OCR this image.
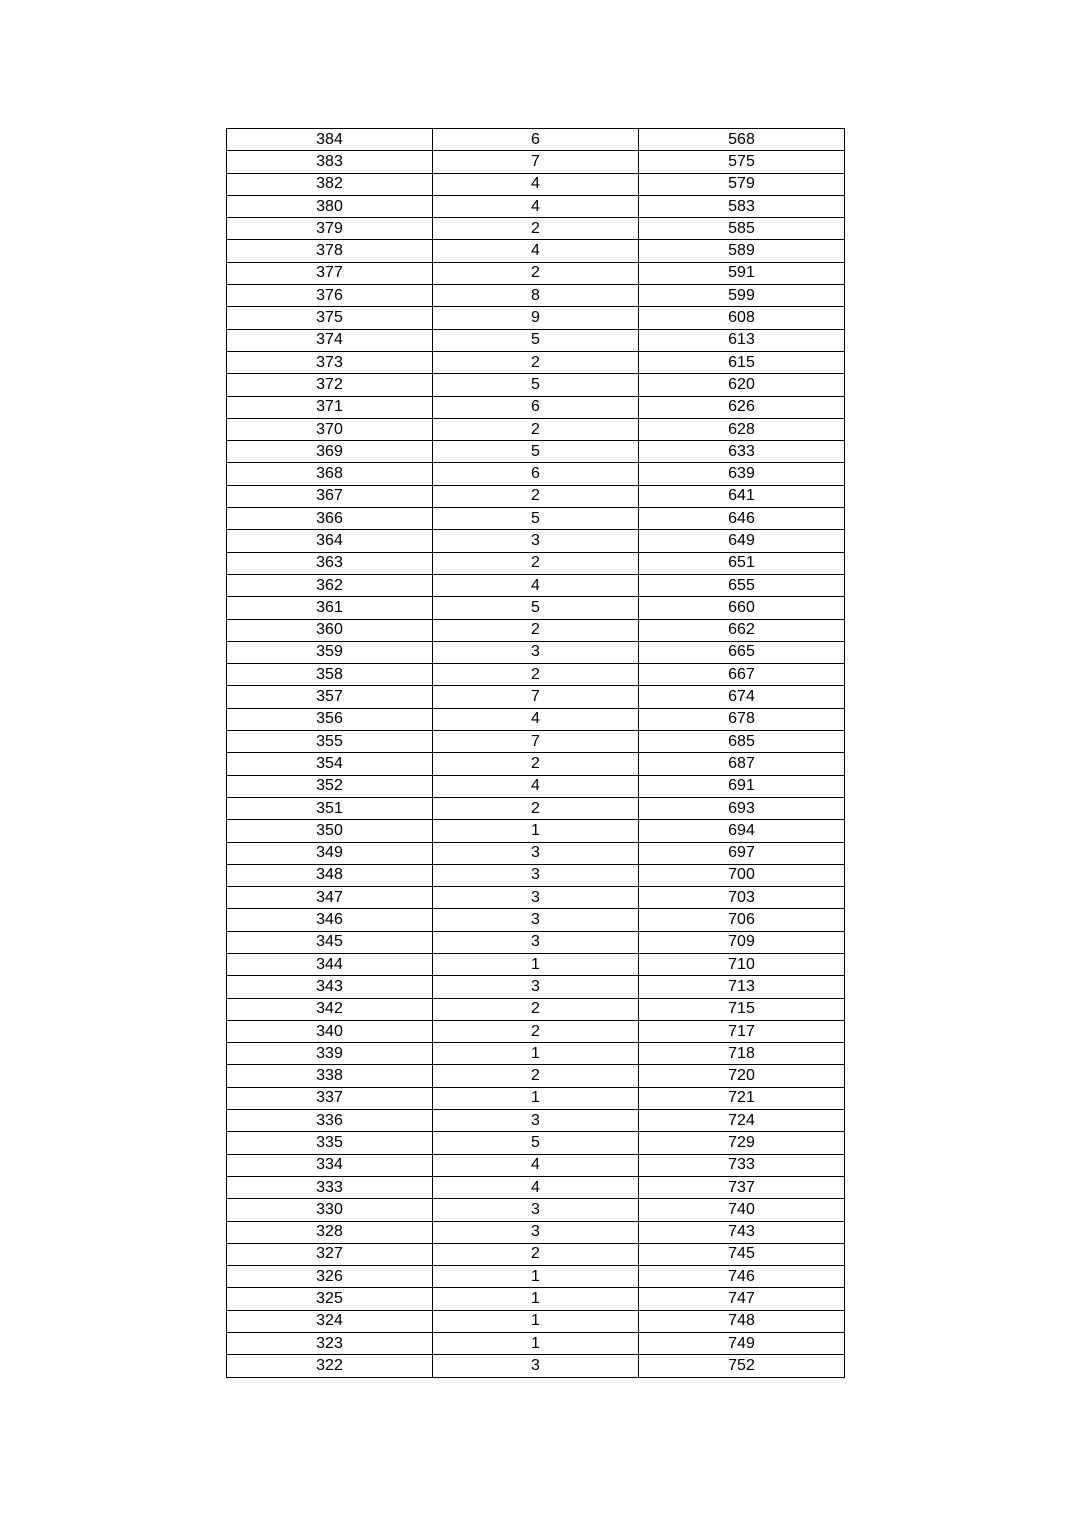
384	6	568
383	7	575
382	4	579
380	4	583
379	2	585
378	4	589
377	2	591
376	8	599
375	9	608
374	5	613
373	2	615
372	5	620
371	6	626
370	2	628
369	5	633
368	6	639
367	2	641
366	5	646
364	3	649
363	2	651
362	4	655
361	5	660
360	2	662
359	3	665
358	2	667
357	7	674
356	4	678
355	7	685
354	2	687
352	4	691
351	2	693
350	1	694
349	3	697
348	3	700
347	3	703
346	3	706
345	3	709
344	1	710
343	3	713
342	2	715
340	2	717
339	1	718
338	2	720
337	1	721
336	3	724
335	5	729
334	4	733
333	4	737
330	3	740
328	3	743
327	2	745
326	1	746
325	1	747
324	1	748
323	1	749
322	3	752
